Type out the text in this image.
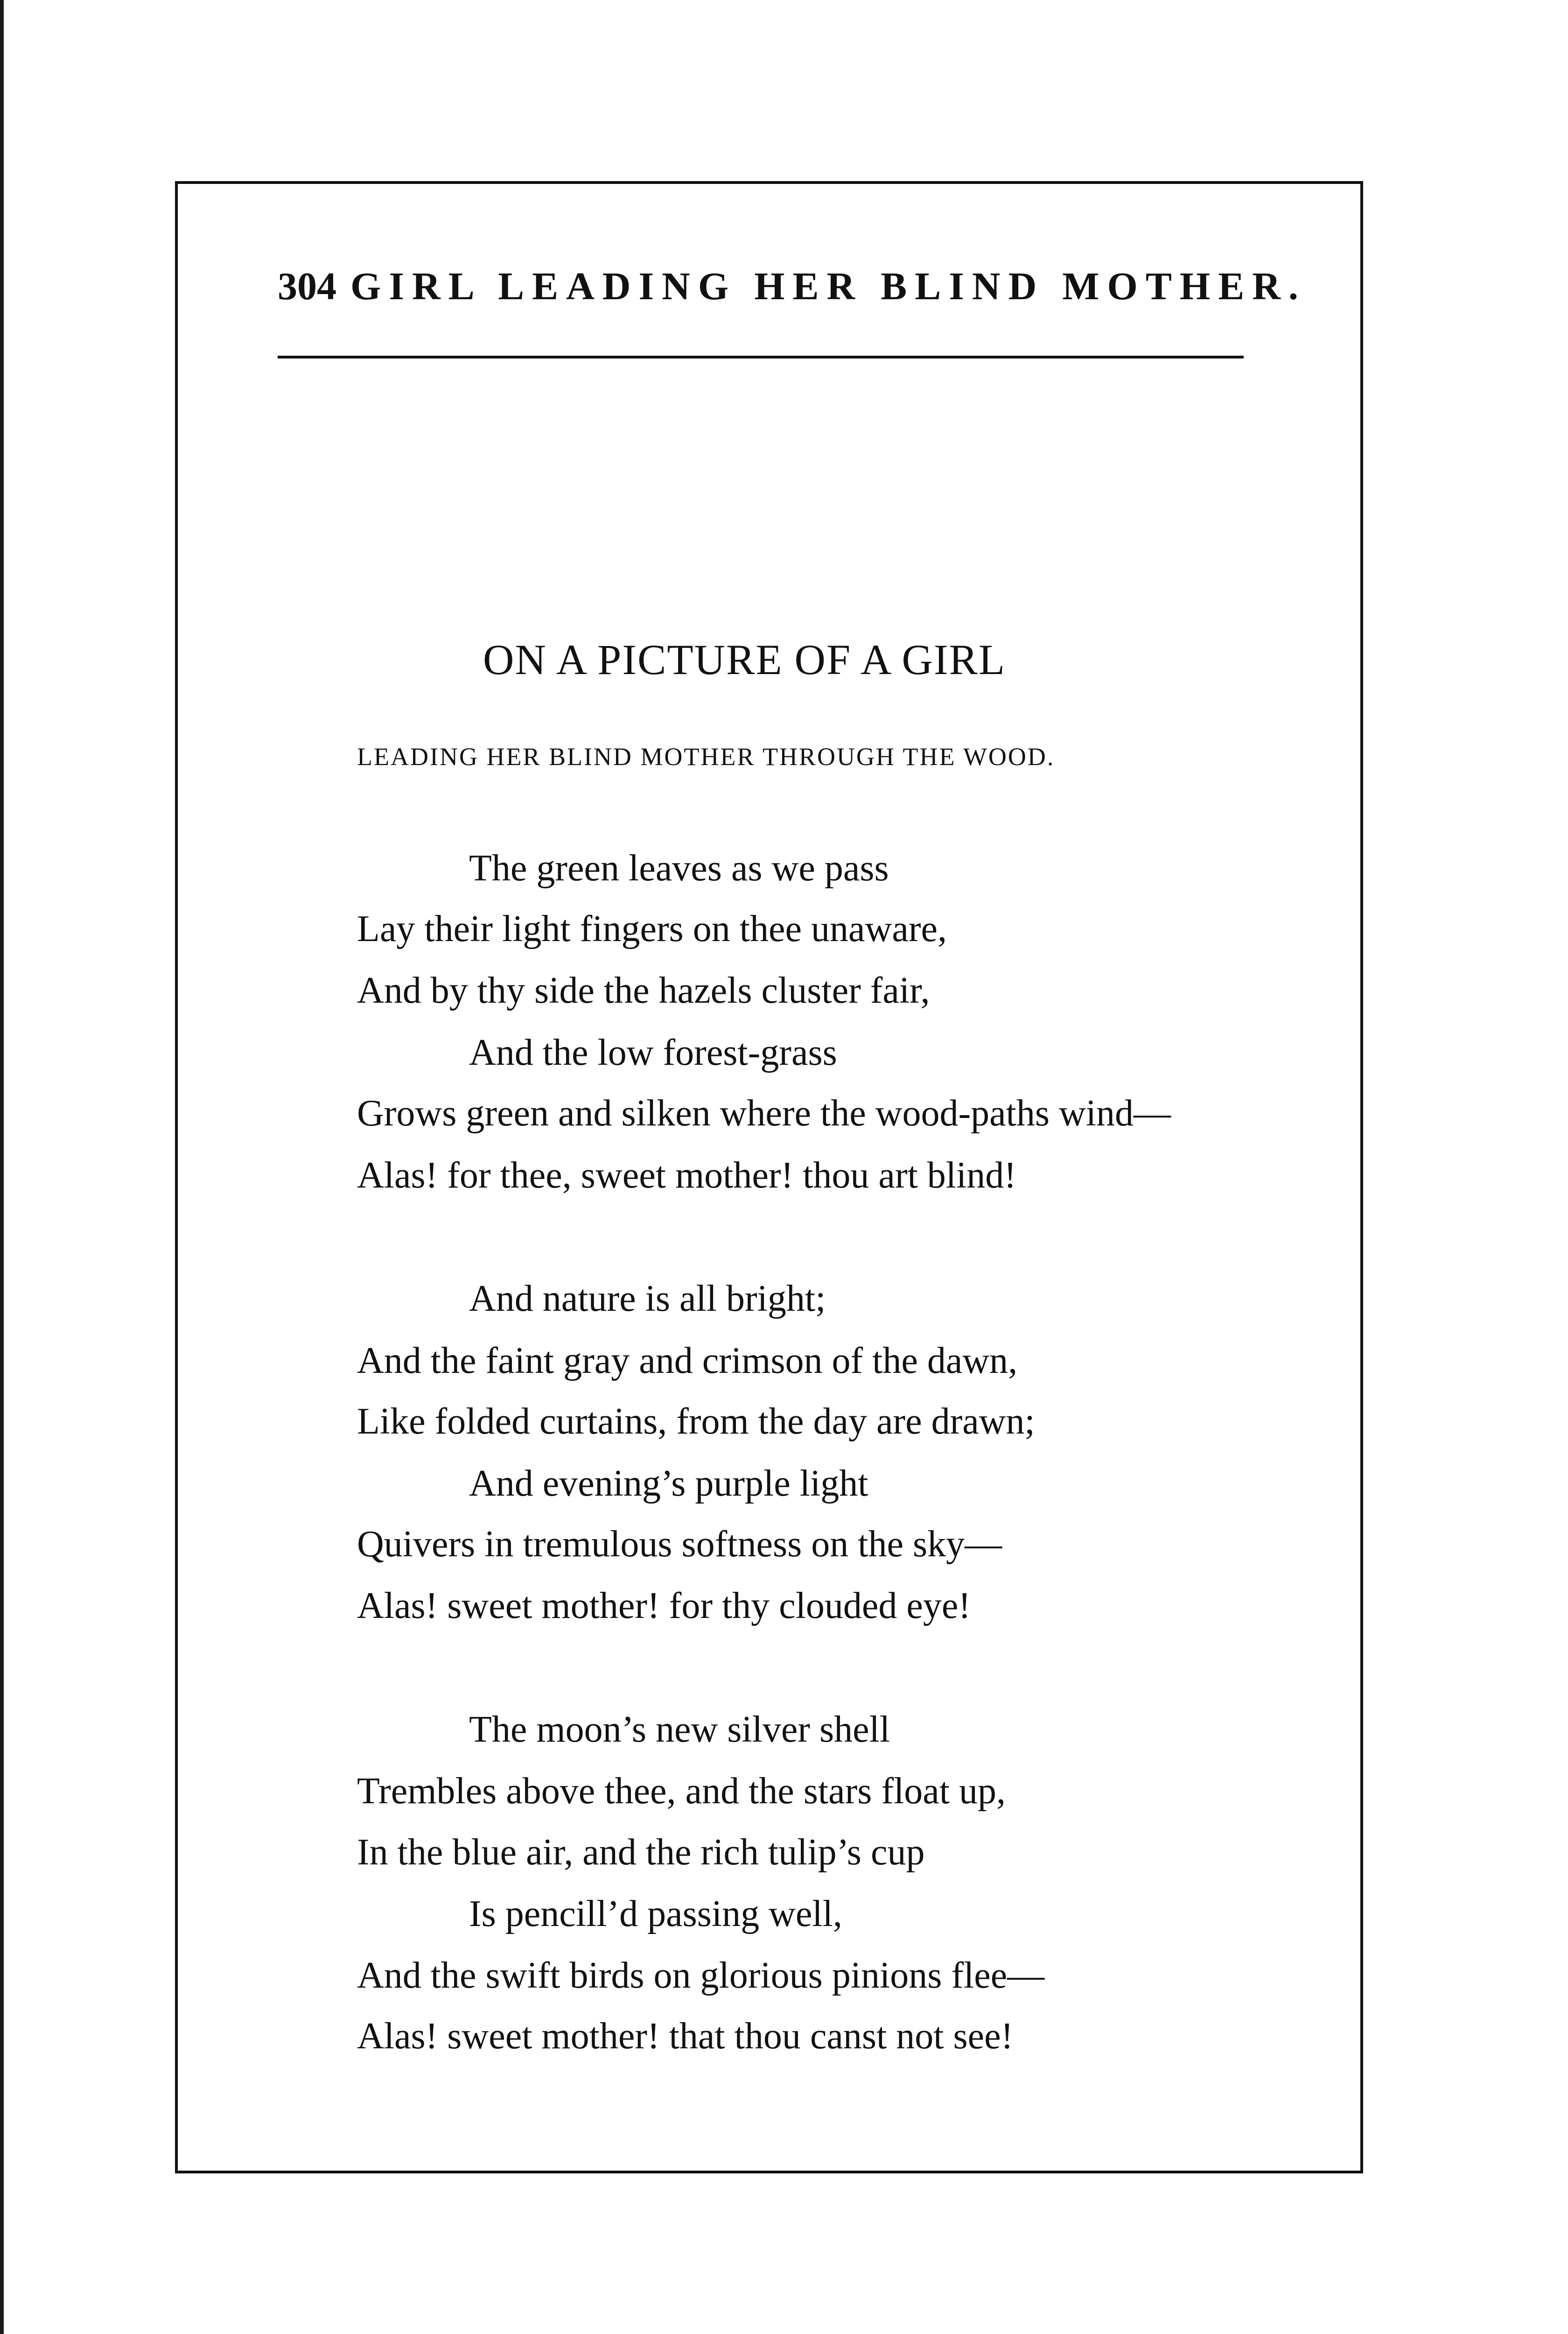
304 GIRL LEADING HER BLIND MOTHER.
ON A PICTURE OF A GIRL
LEADING HER BLIND MOTHER THROUGH THE WOOD.
The green leaves as we pass
Lay their light fingers on thee unaware,
And by thy side the hazels cluster fair,
And the low forest-grass
Grows green and silken where the wood-paths wind—
Alas! for thee, sweet mother! thou art blind!
And nature is all bright;
And the faint gray and crimson of the dawn,
Like folded curtains, from the day are drawn;
And evening’s purple light
Quivers in tremulous softness on the sky—
Alas! sweet mother! for thy clouded eye!
The moon’s new silver shell
Trembles above thee, and the stars float up,
In the blue air, and the rich tulip’s cup
Is pencill’d passing well,
And the swift birds on glorious pinions flee—
Alas! sweet mother! that thou canst not see!
